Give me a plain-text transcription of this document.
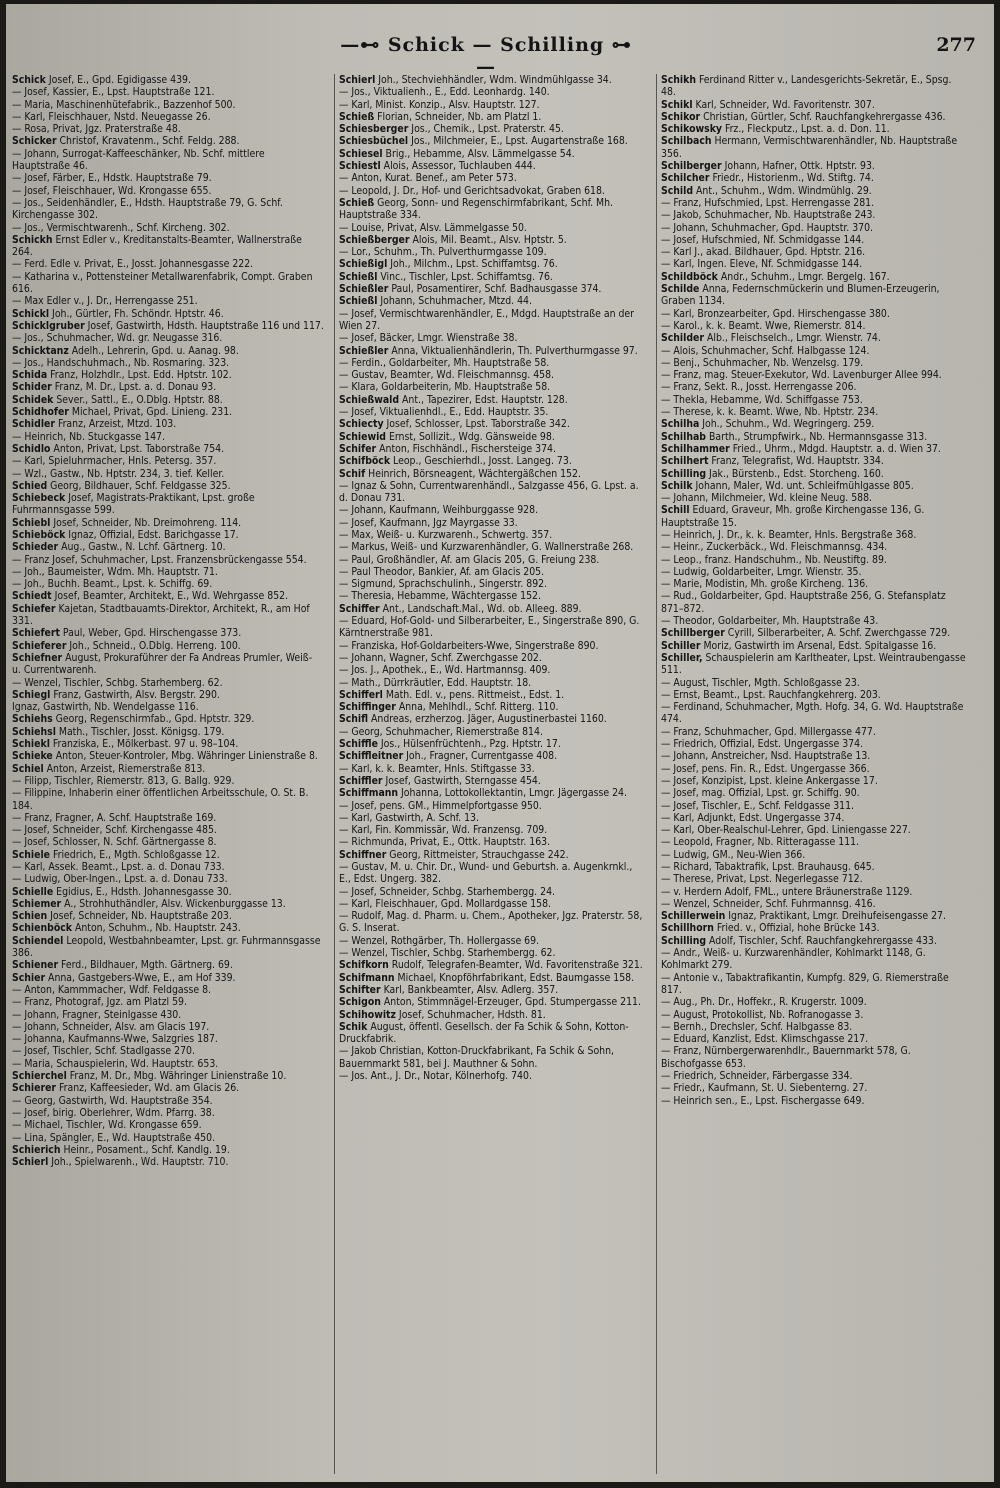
—⊷ Schick — Schilling ⊶—
277

Schick Josef, E., Gpd. Egidigasse 439.

— Josef, Kassier, E., Lpst. Hauptstraße 121.

— Maria, Maschinenhütefabrik., Bazzenhof 500.

— Karl, Fleischhauer, Nstd. Neuegasse 26.

— Rosa, Privat, Jgz. Praterstraße 48.

Schicker Christof, Kravatenm., Schf. Feldg. 288.

— Johann, Surrogat-Kaffeeschänker, Nb. Schf. mittlere Hauptstraße 46.

— Josef, Färber, E., Hdstk. Hauptstraße 79.

— Josef, Fleischhauer, Wd. Krongasse 655.

— Jos., Seidenhändler, E., Hdsth. Hauptstraße 79, G. Schf. Kirchengasse 302.

— Jos., Vermischtwarenh., Schf. Kircheng. 302.

Schickh Ernst Edler v., Kreditanstalts-Beamter, Wallnerstraße 264.

— Ferd. Edle v. Privat, E., Josst. Johannesgasse 222.

— Katharina v., Pottensteiner Metallwarenfabrik, Compt. Graben 616.

— Max Edler v., J. Dr., Herrengasse 251.

Schickl Joh., Gürtler, Fh. Schöndr. Hptstr. 46.

Schicklgruber Josef, Gastwirth, Hdsth. Hauptstraße 116 und 117.

— Jos., Schuhmacher, Wd. gr. Neugasse 316.

Schicktanz Adelh., Lehrerin, Gpd. u. Aanag. 98.

— Jos., Handschuhmach., Nb. Rosmaring. 323.

Schida Franz, Holzhdlr., Lpst. Edd. Hptstr. 102.

Schider Franz, M. Dr., Lpst. a. d. Donau 93.

Schidek Sever., Sattl., E., O.Dblg. Hptstr. 88.

Schidhofer Michael, Privat, Gpd. Linieng. 231.

Schidler Franz, Arzeist, Mtzd. 103.

— Heinrich, Nb. Stuckgasse 147.

Schidlo Anton, Privat, Lpst. Taborstraße 754.

— Karl, Spieluhrmacher, Hnls. Petersg. 357.

— Wzl., Gastw., Nb. Hptstr. 234, 3. tief. Keller.

Schied Georg, Bildhauer, Schf. Feldgasse 325.

Schiebeck Josef, Magistrats-Praktikant, Lpst. große Fuhrmannsgasse 599.

Schiebl Josef, Schneider, Nb. Dreimohreng. 114.

Schieböck Ignaz, Offizial, Edst. Barichgasse 17.

Schieder Aug., Gastw., N. Lchf. Gärtnerg. 10.

— Franz Josef, Schuhmacher, Lpst. Franzensbrückengasse 554.

— Joh., Baumeister, Wdm. Mh. Hauptstr. 71.

— Joh., Buchh. Beamt., Lpst. k. Schiffg. 69.

Schiedt Josef, Beamter, Architekt, E., Wd. Wehrgasse 852.

Schiefer Kajetan, Stadtbauamts-Direktor, Architekt, R., am Hof 331.

Schiefert Paul, Weber, Gpd. Hirschengasse 373.

Schieferer Joh., Schneid., O.Dblg. Herreng. 100.

Schiefner August, Prokuraführer der Fa Andreas Prumler, Weiß- u. Currentwarenh.

— Wenzel, Tischler, Schbg. Starhemberg. 62.

Schiegl Franz, Gastwirth, Alsv. Bergstr. 290.

Ignaz, Gastwirth, Nb. Wendelgasse 116.

Schiehs Georg, Regenschirmfab., Gpd. Hptstr. 329.

Schiehsl Math., Tischler, Josst. Königsg. 179.

Schiekl Franziska, E., Mölkerbast. 97 u. 98–104.

Schieke Anton, Steuer-Kontroler, Mbg. Währinger Linienstraße 8.

Schiel Anton, Arzeist, Riemerstraße 813.

— Filipp, Tischler, Riemerstr. 813, G. Ballg. 929.

— Filippine, Inhaberin einer öffentlichen Arbeitsschule, O. St. B. 184.

— Franz, Fragner, A. Schf. Hauptstraße 169.

— Josef, Schneider, Schf. Kirchengasse 485.

— Josef, Schlosser, N. Schf. Gärtnergasse 8.

Schiele Friedrich, E., Mgth. Schloßgasse 12.

— Karl, Assek. Beamt., Lpst. a. d. Donau 733.

— Ludwig, Ober-Ingen., Lpst. a. d. Donau 733.

Schielle Egidius, E., Hdsth. Johannesgasse 30.

Schiemer A., Strohhuthändler, Alsv. Wickenburggasse 13.

Schien Josef, Schneider, Nb. Hauptstraße 203.

Schienböck Anton, Schuhm., Nb. Hauptstr. 243.

Schiendel Leopold, Westbahnbeamter, Lpst. gr. Fuhrmannsgasse 386.

Schiener Ferd., Bildhauer, Mgth. Gärtnerg. 69.

Schier Anna, Gastgebers-Wwe, E., am Hof 339.

— Anton, Kammmacher, Wdf. Feldgasse 8.

— Franz, Photograf, Jgz. am Platzl 59.

— Johann, Fragner, Steinlgasse 430.

— Johann, Schneider, Alsv. am Glacis 197.

— Johanna, Kaufmanns-Wwe, Salzgries 187.

— Josef, Tischler, Schf. Stadlgasse 270.

— Maria, Schauspielerin, Wd. Hauptstr. 653.

Schierchel Franz, M. Dr., Mbg. Währinger Linienstraße 10.

Schierer Franz, Kaffeesieder, Wd. am Glacis 26.

— Georg, Gastwirth, Wd. Hauptstraße 354.

— Josef, birig. Oberlehrer, Wdm. Pfarrg. 38.

— Michael, Tischler, Wd. Krongasse 659.

— Lina, Spängler, E., Wd. Hauptstraße 450.

Schierich Heinr., Posament., Schf. Kandlg. 19.

Schierl Joh., Spielwarenh., Wd. Hauptstr. 710.

Schierl Joh., Stechviehhändler, Wdm. Windmühlgasse 34.

— Jos., Viktualienh., E., Edd. Leonhardg. 140.

— Karl, Minist. Konzip., Alsv. Hauptstr. 127.

Schieß Florian, Schneider, Nb. am Platzl 1.

Schiesberger Jos., Chemik., Lpst. Praterstr. 45.

Schiesbüchel Jos., Milchmeier, E., Lpst. Augartenstraße 168.

Schiesel Brig., Hebamme, Alsv. Lämmelgasse 54.

Schiestl Alois, Assessor, Tuchlauben 444.

— Anton, Kurat. Benef., am Peter 573.

— Leopold, J. Dr., Hof- und Gerichtsadvokat, Graben 618.

Schieß Georg, Sonn- und Regenschirmfabrikant, Schf. Mh. Hauptstraße 334.

— Louise, Privat, Alsv. Lämmelgasse 50.

Schießberger Alois, Mil. Beamt., Alsv. Hptstr. 5.

— Lor., Schuhm., Th. Pulverthurmgasse 109.

Schießigl Joh., Milchm., Lpst. Schiffamtsg. 76.

Schießl Vinc., Tischler, Lpst. Schiffamtsg. 76.

Schießler Paul, Posamentirer, Schf. Badhausgasse 374.

Schießl Johann, Schuhmacher, Mtzd. 44.

— Josef, Vermischtwarenhändler, E., Mdgd. Hauptstraße an der Wien 27.

— Josef, Bäcker, Lmgr. Wienstraße 38.

Schießler Anna, Viktualienhändlerin, Th. Pulverthurmgasse 97.

— Ferdin., Goldarbeiter, Mh. Hauptstraße 58.

— Gustav, Beamter, Wd. Fleischmannsg. 458.

— Klara, Goldarbeiterin, Mb. Hauptstraße 58.

Schießwald Ant., Tapezirer, Edst. Hauptstr. 128.

— Josef, Viktualienhdl., E., Edd. Hauptstr. 35.

Schiecty Josef, Schlosser, Lpst. Taborstraße 342.

Schiewid Ernst, Sollizit., Wdg. Gänsweide 98.

Schifer Anton, Fischhändl., Fischersteige 374.

Schifböck Leop., Geschierhdl., Josst. Langeg. 73.

Schif Heinrich, Börsneagent, Wächtergäßchen 152.

— Ignaz & Sohn, Currentwarenhändl., Salzgasse 456, G. Lpst. a. d. Donau 731.

— Johann, Kaufmann, Weihburggasse 928.

— Josef, Kaufmann, Jgz Mayrgasse 33.

— Max, Weiß- u. Kurzwarenh., Schwertg. 357.

— Markus, Weiß- und Kurzwarenhändler, G. Wallnerstraße 268.

— Paul, Großhändler, Af. am Glacis 205, G. Freiung 238.

— Paul Theodor, Bankier, Af. am Glacis 205.

— Sigmund, Sprachschulinh., Singerstr. 892.

— Theresia, Hebamme, Wächtergasse 152.

Schiffer Ant., Landschaft.Mal., Wd. ob. Alleeg. 889.

— Eduard, Hof-Gold- und Silberarbeiter, E., Singerstraße 890, G. Kärntnerstraße 981.

— Franziska, Hof-Goldarbeiters-Wwe, Singerstraße 890.

— Johann, Wagner, Schf. Zwerchgasse 202.

— Jos. J., Apothek., E., Wd. Hartmannsg. 409.

— Math., Dürrkräutler, Edd. Hauptstr. 18.

Schifferl Math. Edl. v., pens. Rittmeist., Edst. 1.

Schiffinger Anna, Mehlhdl., Schf. Ritterg. 110.

Schifl Andreas, erzherzog. Jäger, Augustinerbastei 1160.

— Georg, Schuhmacher, Riemerstraße 814.

Schiffle Jos., Hülsenfrüchtenh., Pzg. Hptstr. 17.

Schiffleitner Joh., Fragner, Currentgasse 408.

— Karl, k. k. Beamter, Hnls. Stiftgasse 33.

Schiffler Josef, Gastwirth, Sterngasse 454.

Schiffmann Johanna, Lottokollektantin, Lmgr. Jägergasse 24.

— Josef, pens. GM., Himmelpfortgasse 950.

— Karl, Gastwirth, A. Schf. 13.

— Karl, Fin. Kommissär, Wd. Franzensg. 709.

— Richmunda, Privat, E., Ottk. Hauptstr. 163.

Schiffner Georg, Rittmeister, Strauchgasse 242.

— Gustav, M. u. Chir. Dr., Wund- und Geburtsh. a. Augenkrnkl., E., Edst. Ungerg. 382.

— Josef, Schneider, Schbg. Starhembergg. 24.

— Karl, Fleischhauer, Gpd. Mollardgasse 158.

— Rudolf, Mag. d. Pharm. u. Chem., Apotheker, Jgz. Praterstr. 58, G. S. Inserat.

— Wenzel, Rothgärber, Th. Hollergasse 69.

— Wenzel, Tischler, Schbg. Starhembergg. 62.

Schifkorn Rudolf, Telegrafen-Beamter, Wd. Favoritenstraße 321.

Schifmann Michael, Knopföhrfabrikant, Edst. Baumgasse 158.

Schifter Karl, Bankbeamter, Alsv. Adlerg. 357.

Schigon Anton, Stimmnägel-Erzeuger, Gpd. Stumpergasse 211.

Schihowitz Josef, Schuhmacher, Hdsth. 81.

Schik August, öffentl. Gesellsch. der Fa Schik & Sohn, Kotton-Druckfabrik.

— Jakob Christian, Kotton-Druckfabrikant, Fa Schik & Sohn, Bauernmarkt 581, bei J. Mauthner & Sohn.

— Jos. Ant., J. Dr., Notar, Kölnerhofg. 740.

Schikh Ferdinand Ritter v., Landesgerichts-Sekretär, E., Spsg. 48.

Schikl Karl, Schneider, Wd. Favoritenstr. 307.

Schikor Christian, Gürtler, Schf. Rauchfangkehrergasse 436.

Schikowsky Frz., Fleckputz., Lpst. a. d. Don. 11.

Schilbach Hermann, Vermischtwarenhändler, Nb. Hauptstraße 356.

Schilberger Johann, Hafner, Ottk. Hptstr. 93.

Schilcher Friedr., Historienm., Wd. Stiftg. 74.

Schild Ant., Schuhm., Wdm. Windmühlg. 29.

— Franz, Hufschmied, Lpst. Herrengasse 281.

— Jakob, Schuhmacher, Nb. Hauptstraße 243.

— Johann, Schuhmacher, Gpd. Hauptstr. 370.

— Josef, Hufschmied, Nf. Schmidgasse 144.

— Karl J., akad. Bildhauer, Gpd. Hptstr. 216.

— Karl, Ingen. Eleve, Nf. Schmidgasse 144.

Schildböck Andr., Schuhm., Lmgr. Bergelg. 167.

Schilde Anna, Federnschmückerin und Blumen-Erzeugerin, Graben 1134.

— Karl, Bronzearbeiter, Gpd. Hirschengasse 380.

— Karol., k. k. Beamt. Wwe, Riemerstr. 814.

Schilder Alb., Fleischselch., Lmgr. Wienstr. 74.

— Alois, Schuhmacher, Schf. Halbgasse 124.

— Benj., Schuhmacher, Nb. Wenzelsg. 179.

— Franz, mag. Steuer-Exekutor, Wd. Lavenburger Allee 994.

— Franz, Sekt. R., Josst. Herrengasse 206.

— Thekla, Hebamme, Wd. Schiffgasse 753.

— Therese, k. k. Beamt. Wwe, Nb. Hptstr. 234.

Schilha Joh., Schuhm., Wd. Wegringerg. 259.

Schilhab Barth., Strumpfwirk., Nb. Hermannsgasse 313.

Schilhammer Fried., Uhrm., Mdgd. Hauptstr. a. d. Wien 37.

Schilhert Franz, Telegrafist, Wd. Hauptstr. 334.

Schilling Jak., Bürstenb., Edst. Storcheng. 160.

Schilk Johann, Maler, Wd. unt. Schleifmühlgasse 805.

— Johann, Milchmeier, Wd. kleine Neug. 588.

Schill Eduard, Graveur, Mh. große Kirchengasse 136, G. Hauptstraße 15.

— Heinrich, J. Dr., k. k. Beamter, Hnls. Bergstraße 368.

— Heinr., Zuckerbäck., Wd. Fleischmannsg. 434.

— Leop., franz. Handschuhm., Nb. Neustiftg. 89.

— Ludwig, Goldarbeiter, Lmgr. Wienstr. 35.

— Marie, Modistin, Mh. große Kircheng. 136.

— Rud., Goldarbeiter, Gpd. Hauptstraße 256, G. Stefansplatz 871–872.

— Theodor, Goldarbeiter, Mh. Hauptstraße 43.

Schillberger Cyrill, Silberarbeiter, A. Schf. Zwerchgasse 729.

Schiller Moriz, Gastwirth im Arsenal, Edst. Spitalgasse 16.

Schiller, Schauspielerin am Karltheater, Lpst. Weintraubengasse 511.

— August, Tischler, Mgth. Schloßgasse 23.

— Ernst, Beamt., Lpst. Rauchfangkehrerg. 203.

— Ferdinand, Schuhmacher, Mgth. Hofg. 34, G. Wd. Hauptstraße 474.

— Franz, Schuhmacher, Gpd. Millergasse 477.

— Friedrich, Offizial, Edst. Ungergasse 374.

— Johann, Anstreicher, Nsd. Hauptstraße 13.

— Josef, pens. Fin. R., Edst. Ungergasse 366.

— Josef, Konzipist, Lpst. kleine Ankergasse 17.

— Josef, mag. Offizial, Lpst. gr. Schiffg. 90.

— Josef, Tischler, E., Schf. Feldgasse 311.

— Karl, Adjunkt, Edst. Ungergasse 374.

— Karl, Ober-Realschul-Lehrer, Gpd. Liniengasse 227.

— Leopold, Fragner, Nb. Ritteragasse 111.

— Ludwig, GM., Neu-Wien 366.

— Richard, Tabaktrafik, Lpst. Brauhausg. 645.

— Therese, Privat, Lpst. Negerlegasse 712.

— v. Herdern Adolf, FML., untere Bräunerstraße 1129.

— Wenzel, Schneider, Schf. Fuhrmannsg. 416.

Schillerwein Ignaz, Praktikant, Lmgr. Dreihufeisengasse 27.

Schillhorn Fried. v., Offizial, hohe Brücke 143.

Schilling Adolf, Tischler, Schf. Rauchfangkehrergasse 433.

— Andr., Weiß- u. Kurzwarenhändler, Kohlmarkt 1148, G. Kohlmarkt 279.

— Antonie v., Tabaktrafikantin, Kumpfg. 829, G. Riemerstraße 817.

— Aug., Ph. Dr., Hoffekr., R. Krugerstr. 1009.

— August, Protokollist, Nb. Rofranogasse 3.

— Bernh., Drechsler, Schf. Halbgasse 83.

— Eduard, Kanzlist, Edst. Klimschgasse 217.

— Franz, Nürnbergerwarenhdlr., Bauernmarkt 578, G. Bischofgasse 653.

— Friedrich, Schneider, Färbergasse 334.

— Friedr., Kaufmann, St. U. Siebenterng. 27.

— Heinrich sen., E., Lpst. Fischergasse 649.
